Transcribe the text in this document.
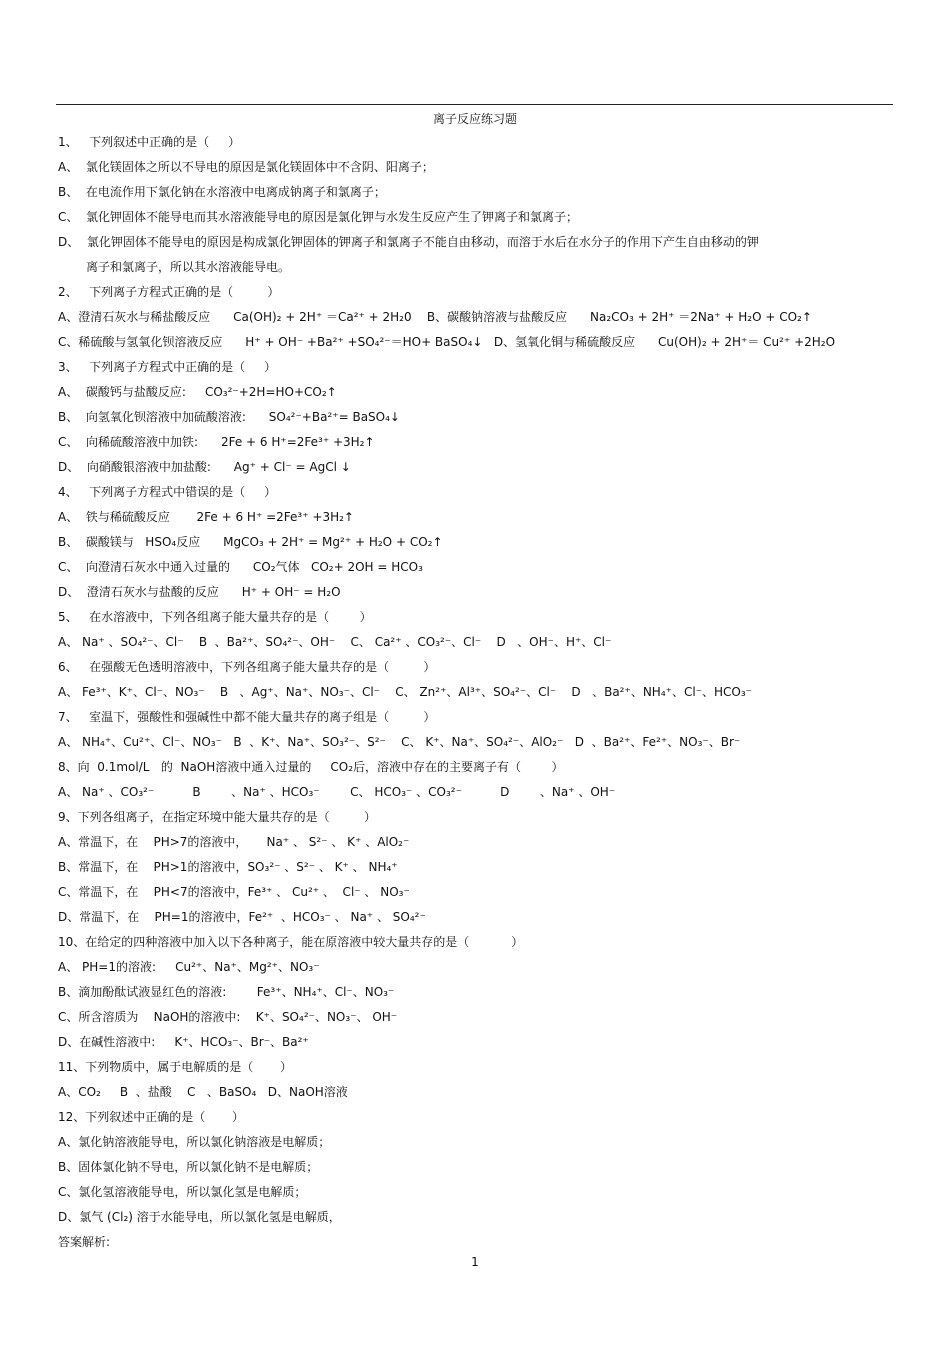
离子反应练习题
1、   下列叙述中正确的是（     ）
A、  氯化镁固体之所以不导电的原因是氯化镁固体中不含阴、阳离子；
B、  在电流作用下氯化钠在水溶液中电离成钠离子和氯离子；
C、  氯化钾固体不能导电而其水溶液能导电的原因是氯化钾与水发生反应产生了钾离子和氯离子；
D、  氯化钾固体不能导电的原因是构成氯化钾固体的钾离子和氯离子不能自由移动，而溶于水后在水分子的作用下产生自由移动的钾
离子和氯离子，所以其水溶液能导电。
2、   下列离子方程式正确的是（         ）
A、澄清石灰水与稀盐酸反应      Ca(OH)₂ + 2H⁺ ＝Ca²⁺ + 2H₂0    B、碳酸钠溶液与盐酸反应      Na₂CO₃ + 2H⁺ ＝2Na⁺ + H₂O + CO₂↑
C、稀硫酸与氢氧化钡溶液反应      H⁺ + OH⁻ +Ba²⁺ +SO₄²⁻＝HO+ BaSO₄↓   D、氢氧化铜与稀硫酸反应      Cu(OH)₂ + 2H⁺＝ Cu²⁺ +2H₂O
3、   下列离子方程式中正确的是（     ）
A、  碳酸钙与盐酸反应:     CO₃²⁻+2H=HO+CO₂↑
B、  向氢氧化钡溶液中加硫酸溶液:      SO₄²⁻+Ba²⁺= BaSO₄↓
C、  向稀硫酸溶液中加铁:      2Fe + 6 H⁺=2Fe³⁺ +3H₂↑
D、  向硝酸银溶液中加盐酸:      Ag⁺ + Cl⁻ = AgCl ↓
4、   下列离子方程式中错误的是（     ）
A、  铁与稀硫酸反应       2Fe + 6 H⁺ =2Fe³⁺ +3H₂↑
B、  碳酸镁与   HSO₄反应      MgCO₃ + 2H⁺ = Mg²⁺ + H₂O + CO₂↑
C、  向澄清石灰水中通入过量的      CO₂气体   CO₂+ 2OH = HCO₃
D、  澄清石灰水与盐酸的反应      H⁺ + OH⁻ = H₂O
5、   在水溶液中，下列各组离子能大量共存的是（        ）
A、 Na⁺ 、SO₄²⁻、Cl⁻    B  、Ba²⁺、SO₄²⁻、OH⁻    C、 Ca²⁺ 、CO₃²⁻、Cl⁻    D   、OH⁻、H⁺、Cl⁻
6、   在强酸无色透明溶液中，下列各组离子能大量共存的是（         ）
A、 Fe³⁺、K⁺、Cl⁻、NO₃⁻    B   、Ag⁺、Na⁺、NO₃⁻、Cl⁻    C、 Zn²⁺、Al³⁺、SO₄²⁻、Cl⁻    D   、Ba²⁺、NH₄⁺、Cl⁻、HCO₃⁻
7、   室温下，强酸性和强碱性中都不能大量共存的离子组是（         ）
A、 NH₄⁺、Cu²⁺、Cl⁻、NO₃⁻   B  、K⁺、Na⁺、SO₃²⁻、S²⁻    C、 K⁺、Na⁺、SO₄²⁻、AlO₂⁻   D  、Ba²⁺、Fe²⁺、NO₃⁻、Br⁻
8、向  0.1mol/L   的  NaOH溶液中通入过量的     CO₂后，溶液中存在的主要离子有（        ）
A、 Na⁺ 、CO₃²⁻          B        、Na⁺ 、HCO₃⁻        C、 HCO₃⁻ 、CO₃²⁻          D        、Na⁺ 、OH⁻
9、下列各组离子，在指定环境中能大量共存的是（         ）
A、常温下，在    PH>7的溶液中，     Na⁺ 、 S²⁻ 、 K⁺ 、AlO₂⁻
B、常温下，在    PH>1的溶液中，SO₃²⁻ 、S²⁻ 、 K⁺ 、 NH₄⁺
C、常温下，在    PH<7的溶液中，Fe³⁺ 、 Cu²⁺ 、  Cl⁻ 、 NO₃⁻
D、常温下，在    PH=1的溶液中，Fe²⁺  、HCO₃⁻ 、 Na⁺ 、 SO₄²⁻
10、在给定的四种溶液中加入以下各种离子，能在原溶液中较大量共存的是（           ）
A、 PH=1的溶液:     Cu²⁺、Na⁺、Mg²⁺、NO₃⁻
B、滴加酚酞试液显红色的溶液:        Fe³⁺、NH₄⁺、Cl⁻、NO₃⁻
C、所含溶质为    NaOH的溶液中:    K⁺、SO₄²⁻、NO₃⁻、 OH⁻
D、在碱性溶液中:     K⁺、HCO₃⁻、Br⁻、Ba²⁺
11、下列物质中，属于电解质的是（       ）
A、CO₂     B  、盐酸    C   、BaSO₄   D、NaOH溶液
12、下列叙述中正确的是（       ）
A、氯化钠溶液能导电，所以氯化钠溶液是电解质；
B、固体氯化钠不导电，所以氯化钠不是电解质；
C、氯化氢溶液能导电，所以氯化氢是电解质；
D、氯气 (Cl₂) 溶于水能导电，所以氯化氢是电解质，
答案解析:
1
